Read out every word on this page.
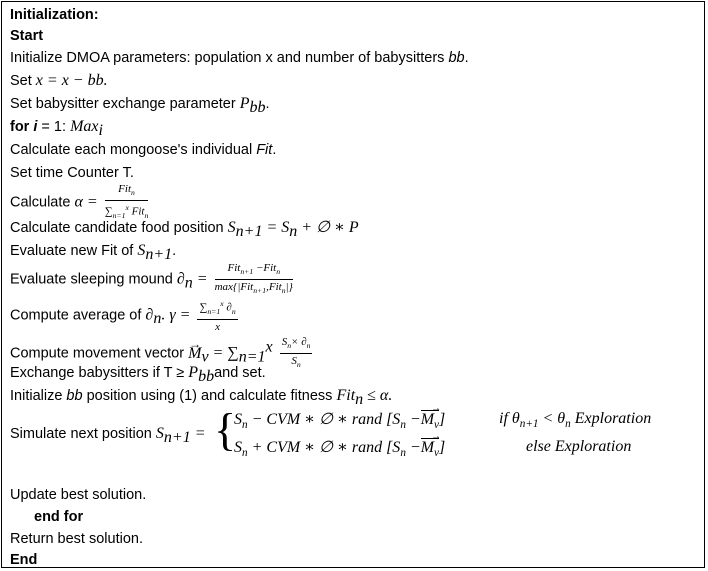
Initialization:
Start
Initialize DMOA parameters: population x and number of babysitters bb.
Set x = x − bb.
Set babysitter exchange parameter $P_{bb}$.
for i = 1: Max$_i$
Calculate each mongoose's individual Fit.
Set time Counter T.
Calculate $\alpha = \frac{Fit_n}{\sum_{n=1}^x Fit_n}$
Calculate candidate food position $S_{n+1} = S_n$ + ∅ ∗ P
Evaluate new Fit of $S_{n+1}$.
Evaluate sleeping mound $\partial_n = \frac{Fit_{n+1} -Fit_n}{\max\{|Fit_{n+1},Fit_n|\}}$
Compute average of $\partial_n$. $\gamma = \frac{\sum_{n=1}^x \partial_n}{x}$
Compute movement vector → $M_v = \sum_{n=1}^x \frac{S_n\times \partial_n}{S_n}$
Exchange babysitters if $T \ge P_{bb}and$ set.
Initialize bb position using (1) and calculate fitness Fit$_n$ ≤ α.
Simulate next position $S_{n+1}$ = {
$S_n$ − CVM ∗ ∅ ∗ rand [$S_n -M_v$ →]	if $\theta_{n+1} < \theta_n$ Exploration
$S_n$ + CVM ∗ ∅ ∗ rand [$S_n -M_v$ →]	else Exploration
Update best solution.
end for
Return best solution.
End
